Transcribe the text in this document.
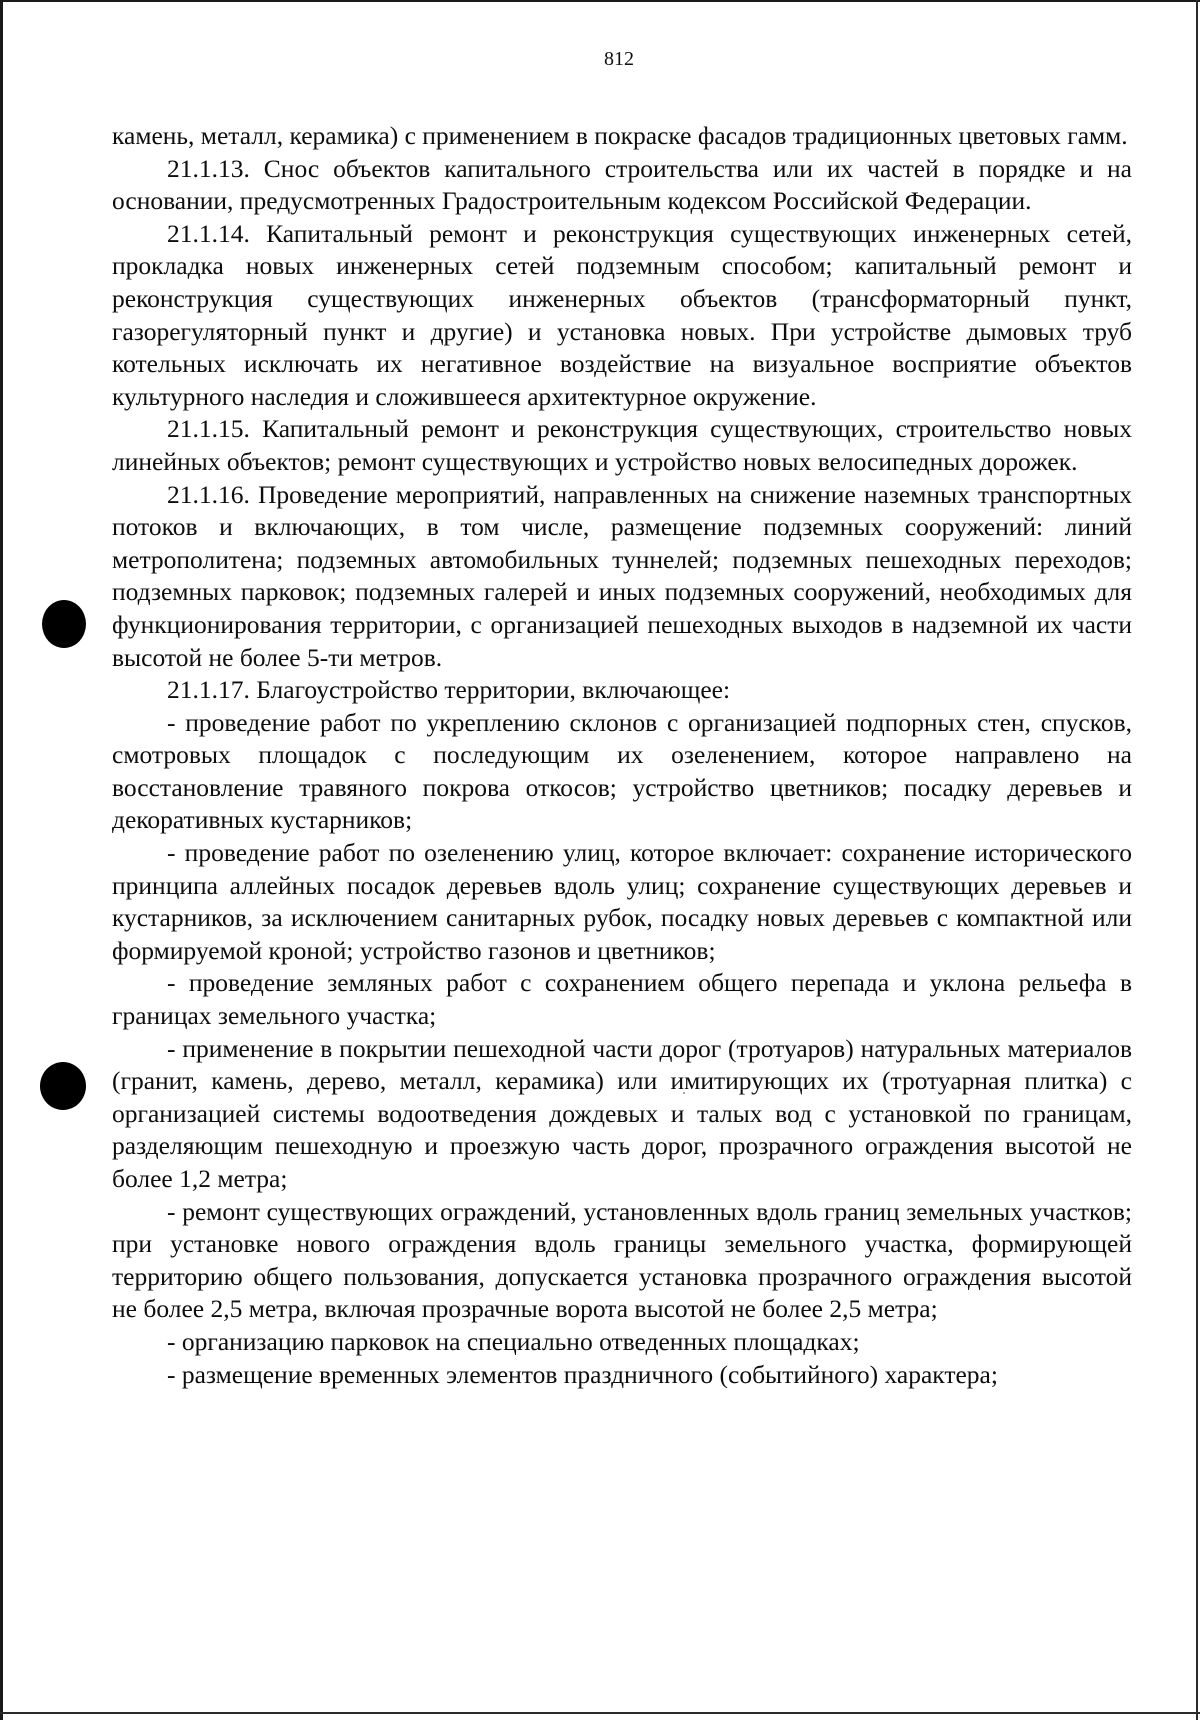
812

камень, металл, керамика) с применением в покраске фасадов традиционных цветовых гамм.

21.1.13. Снос объектов капитального строительства или их частей в порядке и на основании, предусмотренных Градостроительным кодексом Российской Федерации.

21.1.14. Капитальный ремонт и реконструкция существующих инженерных сетей, прокладка новых инженерных сетей подземным способом; капитальный ремонт и реконструкция существующих инженерных объектов (трансформаторный пункт, газорегуляторный пункт и другие) и установка новых. При устройстве дымовых труб котельных исключать их негативное воздействие на визуальное восприятие объектов культурного наследия и сложившееся архитектурное окружение.

21.1.15. Капитальный ремонт и реконструкция существующих, строительство новых линейных объектов; ремонт существующих и устройство новых велосипедных дорожек.

21.1.16. Проведение мероприятий, направленных на снижение наземных транспортных потоков и включающих, в том числе, размещение подземных сооружений: линий метрополитена; подземных автомобильных туннелей; подземных пешеходных переходов; подземных парковок; подземных галерей и иных подземных сооружений, необходимых для функционирования территории, с организацией пешеходных выходов в надземной их части высотой не более 5-ти метров.

21.1.17. Благоустройство территории, включающее:

- проведение работ по укреплению склонов с организацией подпорных стен, спусков, смотровых площадок с последующим их озеленением, которое направлено на восстановление травяного покрова откосов; устройство цветников; посадку деревьев и декоративных кустарников;

- проведение работ по озеленению улиц, которое включает: сохранение исторического принципа аллейных посадок деревьев вдоль улиц; сохранение существующих деревьев и кустарников, за исключением санитарных рубок, посадку новых деревьев с компактной или формируемой кроной; устройство газонов и цветников;

- проведение земляных работ с сохранением общего перепада и уклона рельефа в границах земельного участка;

- применение в покрытии пешеходной части дорог (тротуаров) натуральных материалов (гранит, камень, дерево, металл, керамика) или имитирующих их (тротуарная плитка) с организацией системы водоотведения дождевых и талых вод с установкой по границам, разделяющим пешеходную и проезжую часть дорог, прозрачного ограждения высотой не более 1,2 метра;

- ремонт существующих ограждений, установленных вдоль границ земельных участков; при установке нового ограждения вдоль границы земельного участка, формирующей территорию общего пользования, допускается установка прозрачного ограждения высотой не более 2,5 метра, включая прозрачные ворота высотой не более 2,5 метра;

- организацию парковок на специально отведенных площадках;

- размещение временных элементов праздничного (событийного) характера;
